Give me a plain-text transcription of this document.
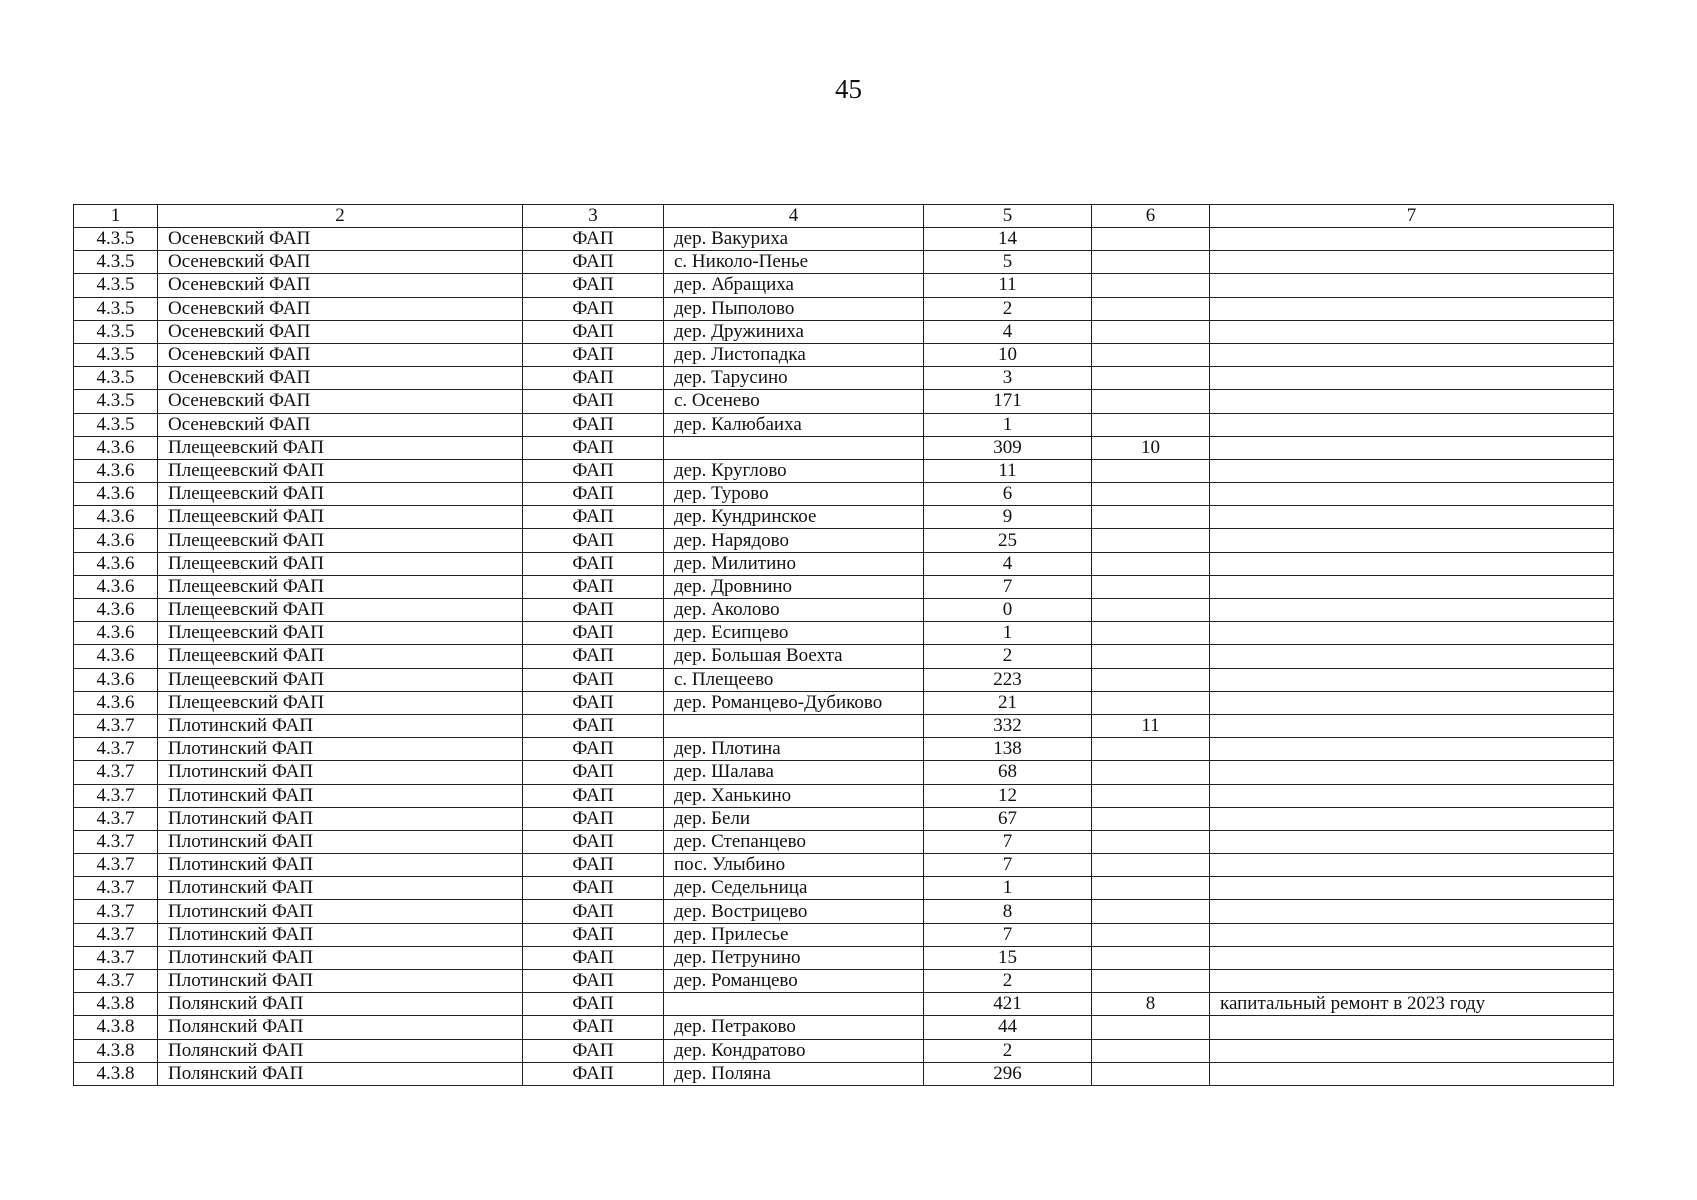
45
1	2	3	4	5	6	7
4.3.5	Осеневский ФАП	ФАП	дер. Вакуриха	14		
4.3.5	Осеневский ФАП	ФАП	с. Николо-Пенье	5		
4.3.5	Осеневский ФАП	ФАП	дер. Абращиха	11		
4.3.5	Осеневский ФАП	ФАП	дер. Пыполово	2		
4.3.5	Осеневский ФАП	ФАП	дер. Дружиниха	4		
4.3.5	Осеневский ФАП	ФАП	дер. Листопадка	10		
4.3.5	Осеневский ФАП	ФАП	дер. Тарусино	3		
4.3.5	Осеневский ФАП	ФАП	с. Осенево	171		
4.3.5	Осеневский ФАП	ФАП	дер. Калюбаиха	1		
4.3.6	Плещеевский ФАП	ФАП		309	10	
4.3.6	Плещеевский ФАП	ФАП	дер. Круглово	11		
4.3.6	Плещеевский ФАП	ФАП	дер. Турово	6		
4.3.6	Плещеевский ФАП	ФАП	дер. Кундринское	9		
4.3.6	Плещеевский ФАП	ФАП	дер. Нарядово	25		
4.3.6	Плещеевский ФАП	ФАП	дер. Милитино	4		
4.3.6	Плещеевский ФАП	ФАП	дер. Дровнино	7		
4.3.6	Плещеевский ФАП	ФАП	дер. Аколово	0		
4.3.6	Плещеевский ФАП	ФАП	дер. Есипцево	1		
4.3.6	Плещеевский ФАП	ФАП	дер. Большая Воехта	2		
4.3.6	Плещеевский ФАП	ФАП	с. Плещеево	223		
4.3.6	Плещеевский ФАП	ФАП	дер. Романцево-Дубиково	21		
4.3.7	Плотинский ФАП	ФАП		332	11	
4.3.7	Плотинский ФАП	ФАП	дер. Плотина	138		
4.3.7	Плотинский ФАП	ФАП	дер. Шалава	68		
4.3.7	Плотинский ФАП	ФАП	дер. Ханькино	12		
4.3.7	Плотинский ФАП	ФАП	дер. Бели	67		
4.3.7	Плотинский ФАП	ФАП	дер. Степанцево	7		
4.3.7	Плотинский ФАП	ФАП	пос. Улыбино	7		
4.3.7	Плотинский ФАП	ФАП	дер. Седельница	1		
4.3.7	Плотинский ФАП	ФАП	дер. Вострицево	8		
4.3.7	Плотинский ФАП	ФАП	дер. Прилесье	7		
4.3.7	Плотинский ФАП	ФАП	дер. Петрунино	15		
4.3.7	Плотинский ФАП	ФАП	дер. Романцево	2		
4.3.8	Полянский ФАП	ФАП		421	8	капитальный ремонт в 2023 году
4.3.8	Полянский ФАП	ФАП	дер. Петраково	44		
4.3.8	Полянский ФАП	ФАП	дер. Кондратово	2		
4.3.8	Полянский ФАП	ФАП	дер. Поляна	296		
